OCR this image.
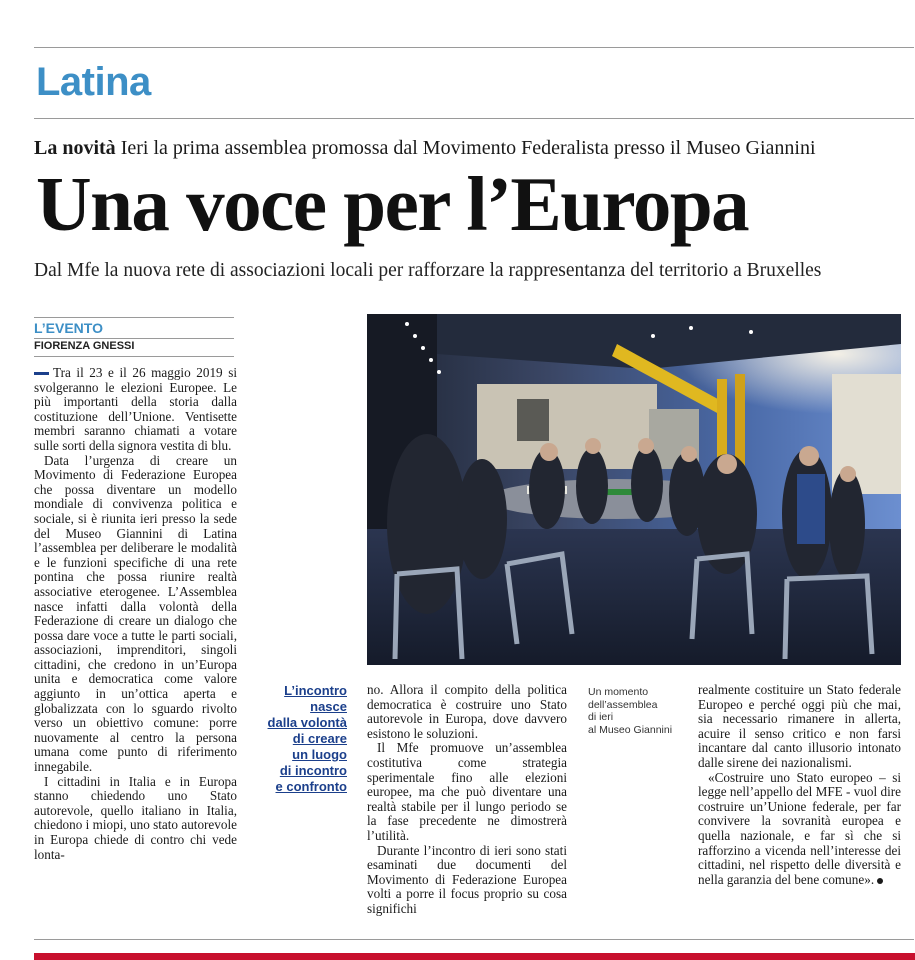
Latina
La novità Ieri la prima assemblea promossa dal Movimento Federalista presso il Museo Giannini
Una voce per l’Europa
Dal Mfe la nuova rete di associazioni locali per rafforzare la rappresentanza del territorio a Bruxelles
L’EVENTO
FIORENZA GNESSI

Tra il 23 e il 26 maggio 2019 si svolgeranno le elezioni Europee. Le più importanti della storia dalla costituzione dell’Unione. Ventisette membri saranno chiamati a votare sulle sorti della signora vestita di blu.

Data l’urgenza di creare un Movimento di Federazione Europea che possa diventare un modello mondiale di convivenza politica e sociale, si è riunita ieri presso la sede del Museo Giannini di Latina l’assemblea per deliberare le modalità e le funzioni specifiche di una rete pontina che possa riunire realtà associative eterogenee. L’Assemblea nasce infatti dalla volontà della Federazione di creare un dialogo che possa dare voce a tutte le parti sociali, associazioni, imprenditori, singoli cittadini, che credono in un’Europa unita e democratica come valore aggiunto in un’ottica aperta e globalizzata con lo sguardo rivolto verso un obiettivo comune: porre nuovamente al centro la persona umana come punto di riferimento innegabile.

I cittadini in Italia e in Europa stanno chiedendo uno Stato autorevole, quello italiano in Italia, chiedono i miopi, uno stato autorevole in Europa chiede di contro chi vede lonta-

L’incontro
nasce
dalla volontà
di creare
un luogo
di incontro
e confronto

no. Allora il compito della politica democratica è costruire uno Stato autorevole in Europa, dove davvero esistono le soluzioni.

Il Mfe promuove un’assemblea costitutiva come strategia sperimentale fino alle elezioni europee, ma che può diventare una realtà stabile per il lungo periodo se la fase precedente ne dimostrerà l’utilità.

Durante l’incontro di ieri sono stati esaminati due documenti del Movimento di Federazione Europea volti a porre il focus proprio su cosa significhi

Un momento
dell’assemblea
di ieri
al Museo Giannini

realmente costituire un Stato federale Europeo e perché oggi più che mai, sia necessario rimanere in allerta, acuire il senso critico e non farsi incantare dal canto illusorio intonato dalle sirene dei nazionalismi.

«Costruire uno Stato europeo – si legge nell’appello del MFE - vuol dire costruire un’Unione federale, per far convivere la sovranità europea e quella nazionale, e far sì che si rafforzino a vicenda nell’interesse dei cittadini, nel rispetto delle diversità e nella garanzia del bene comune».
